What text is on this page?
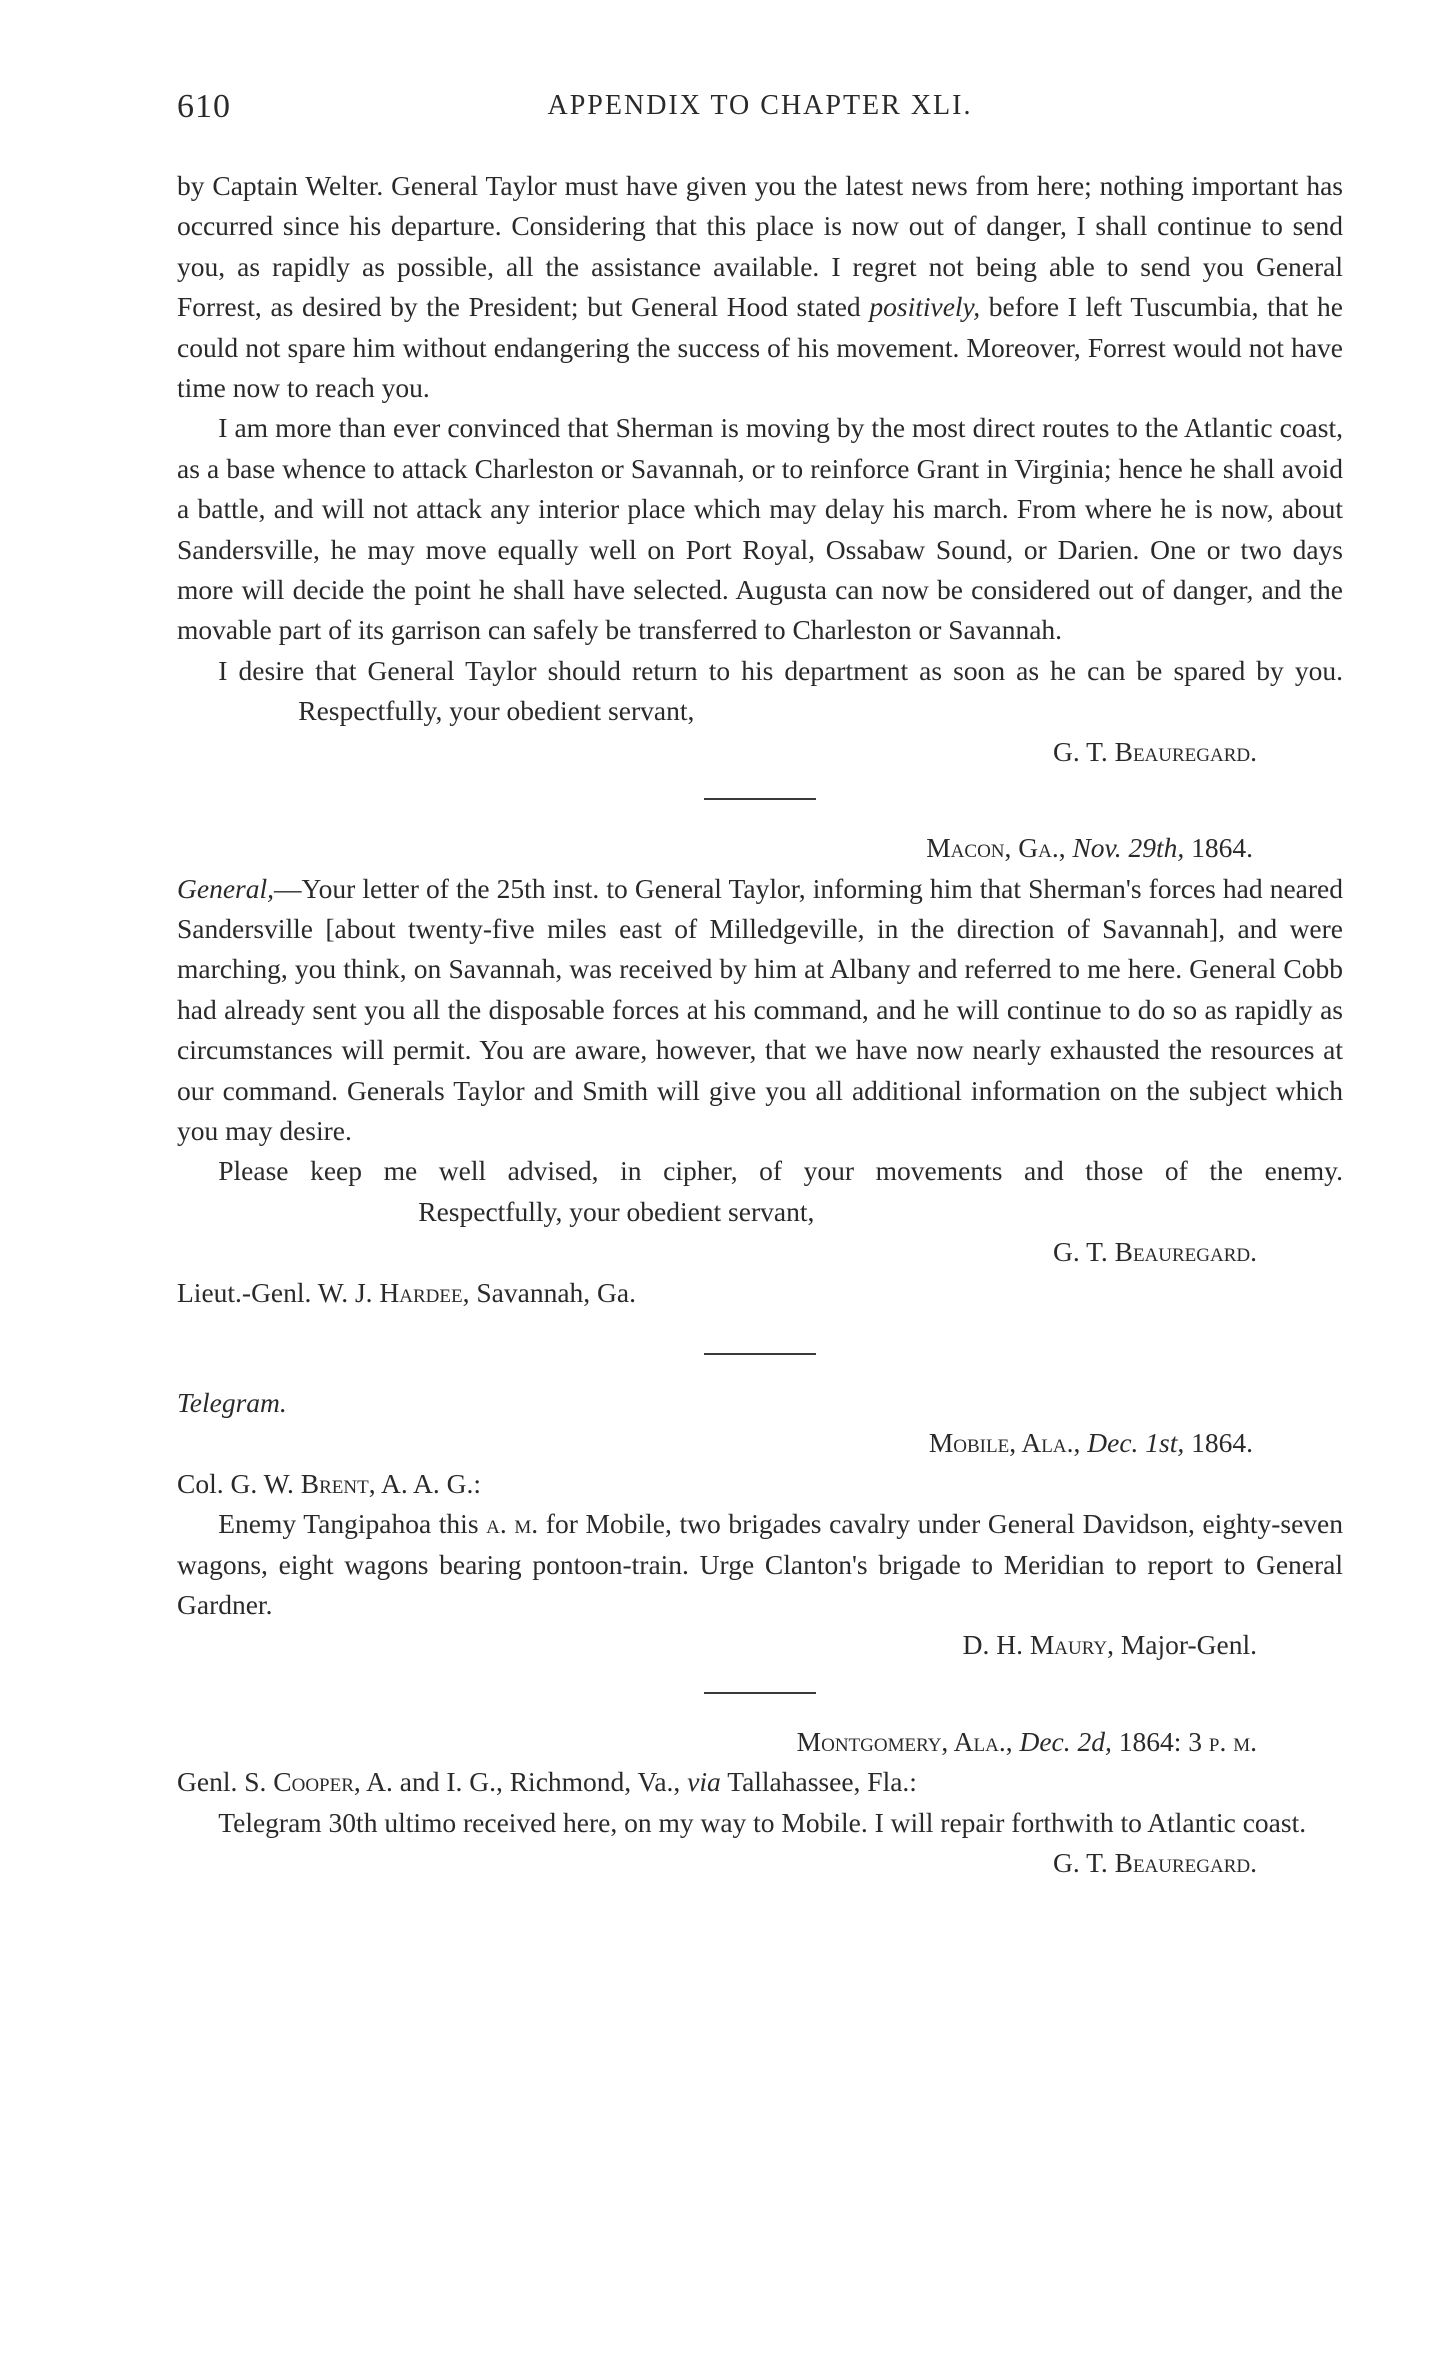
610	APPENDIX TO CHAPTER XLI.

by Captain Welter. General Taylor must have given you the latest news from here; nothing important has occurred since his departure. Considering that this place is now out of danger, I shall continue to send you, as rapidly as possible, all the assistance available. I regret not being able to send you General Forrest, as desired by the President; but General Hood stated positively, before I left Tuscumbia, that he could not spare him without endangering the success of his movement. Moreover, Forrest would not have time now to reach you.

I am more than ever convinced that Sherman is moving by the most direct routes to the Atlantic coast, as a base whence to attack Charleston or Savannah, or to reinforce Grant in Virginia; hence he shall avoid a battle, and will not attack any interior place which may delay his march. From where he is now, about Sandersville, he may move equally well on Port Royal, Ossabaw Sound, or Darien. One or two days more will decide the point he shall have selected. Augusta can now be considered out of danger, and the movable part of its garrison can safely be transferred to Charleston or Savannah.

I desire that General Taylor should return to his department as soon as he can be spared by you.Respectfully, your obedient servant,

G. T. Beauregard.

Macon, Ga., Nov. 29th, 1864.

General,—Your letter of the 25th inst. to General Taylor, informing him that Sherman's forces had neared Sandersville [about twenty-five miles east of Milledgeville, in the direction of Savannah], and were marching, you think, on Savannah, was received by him at Albany and referred to me here. General Cobb had already sent you all the disposable forces at his command, and he will continue to do so as rapidly as circumstances will permit. You are aware, however, that we have now nearly exhausted the resources at our command. Generals Taylor and Smith will give you all additional information on the subject which you may desire.

Please keep me well advised, in cipher, of your movements and those of the enemy.Respectfully, your obedient servant,

G. T. Beauregard.

Lieut.-Genl. W. J. Hardee, Savannah, Ga.

Telegram.

Mobile, Ala., Dec. 1st, 1864.

Col. G. W. Brent, A. A. G.:

Enemy Tangipahoa this a. m. for Mobile, two brigades cavalry under General Davidson, eighty-seven wagons, eight wagons bearing pontoon-train. Urge Clanton's brigade to Meridian to report to General Gardner.

D. H. Maury, Major-Genl.

Montgomery, Ala., Dec. 2d, 1864: 3 p. m.

Genl. S. Cooper, A. and I. G., Richmond, Va., via Tallahassee, Fla.:

Telegram 30th ultimo received here, on my way to Mobile. I will repair forthwith to Atlantic coast.
G. T. Beauregard.
